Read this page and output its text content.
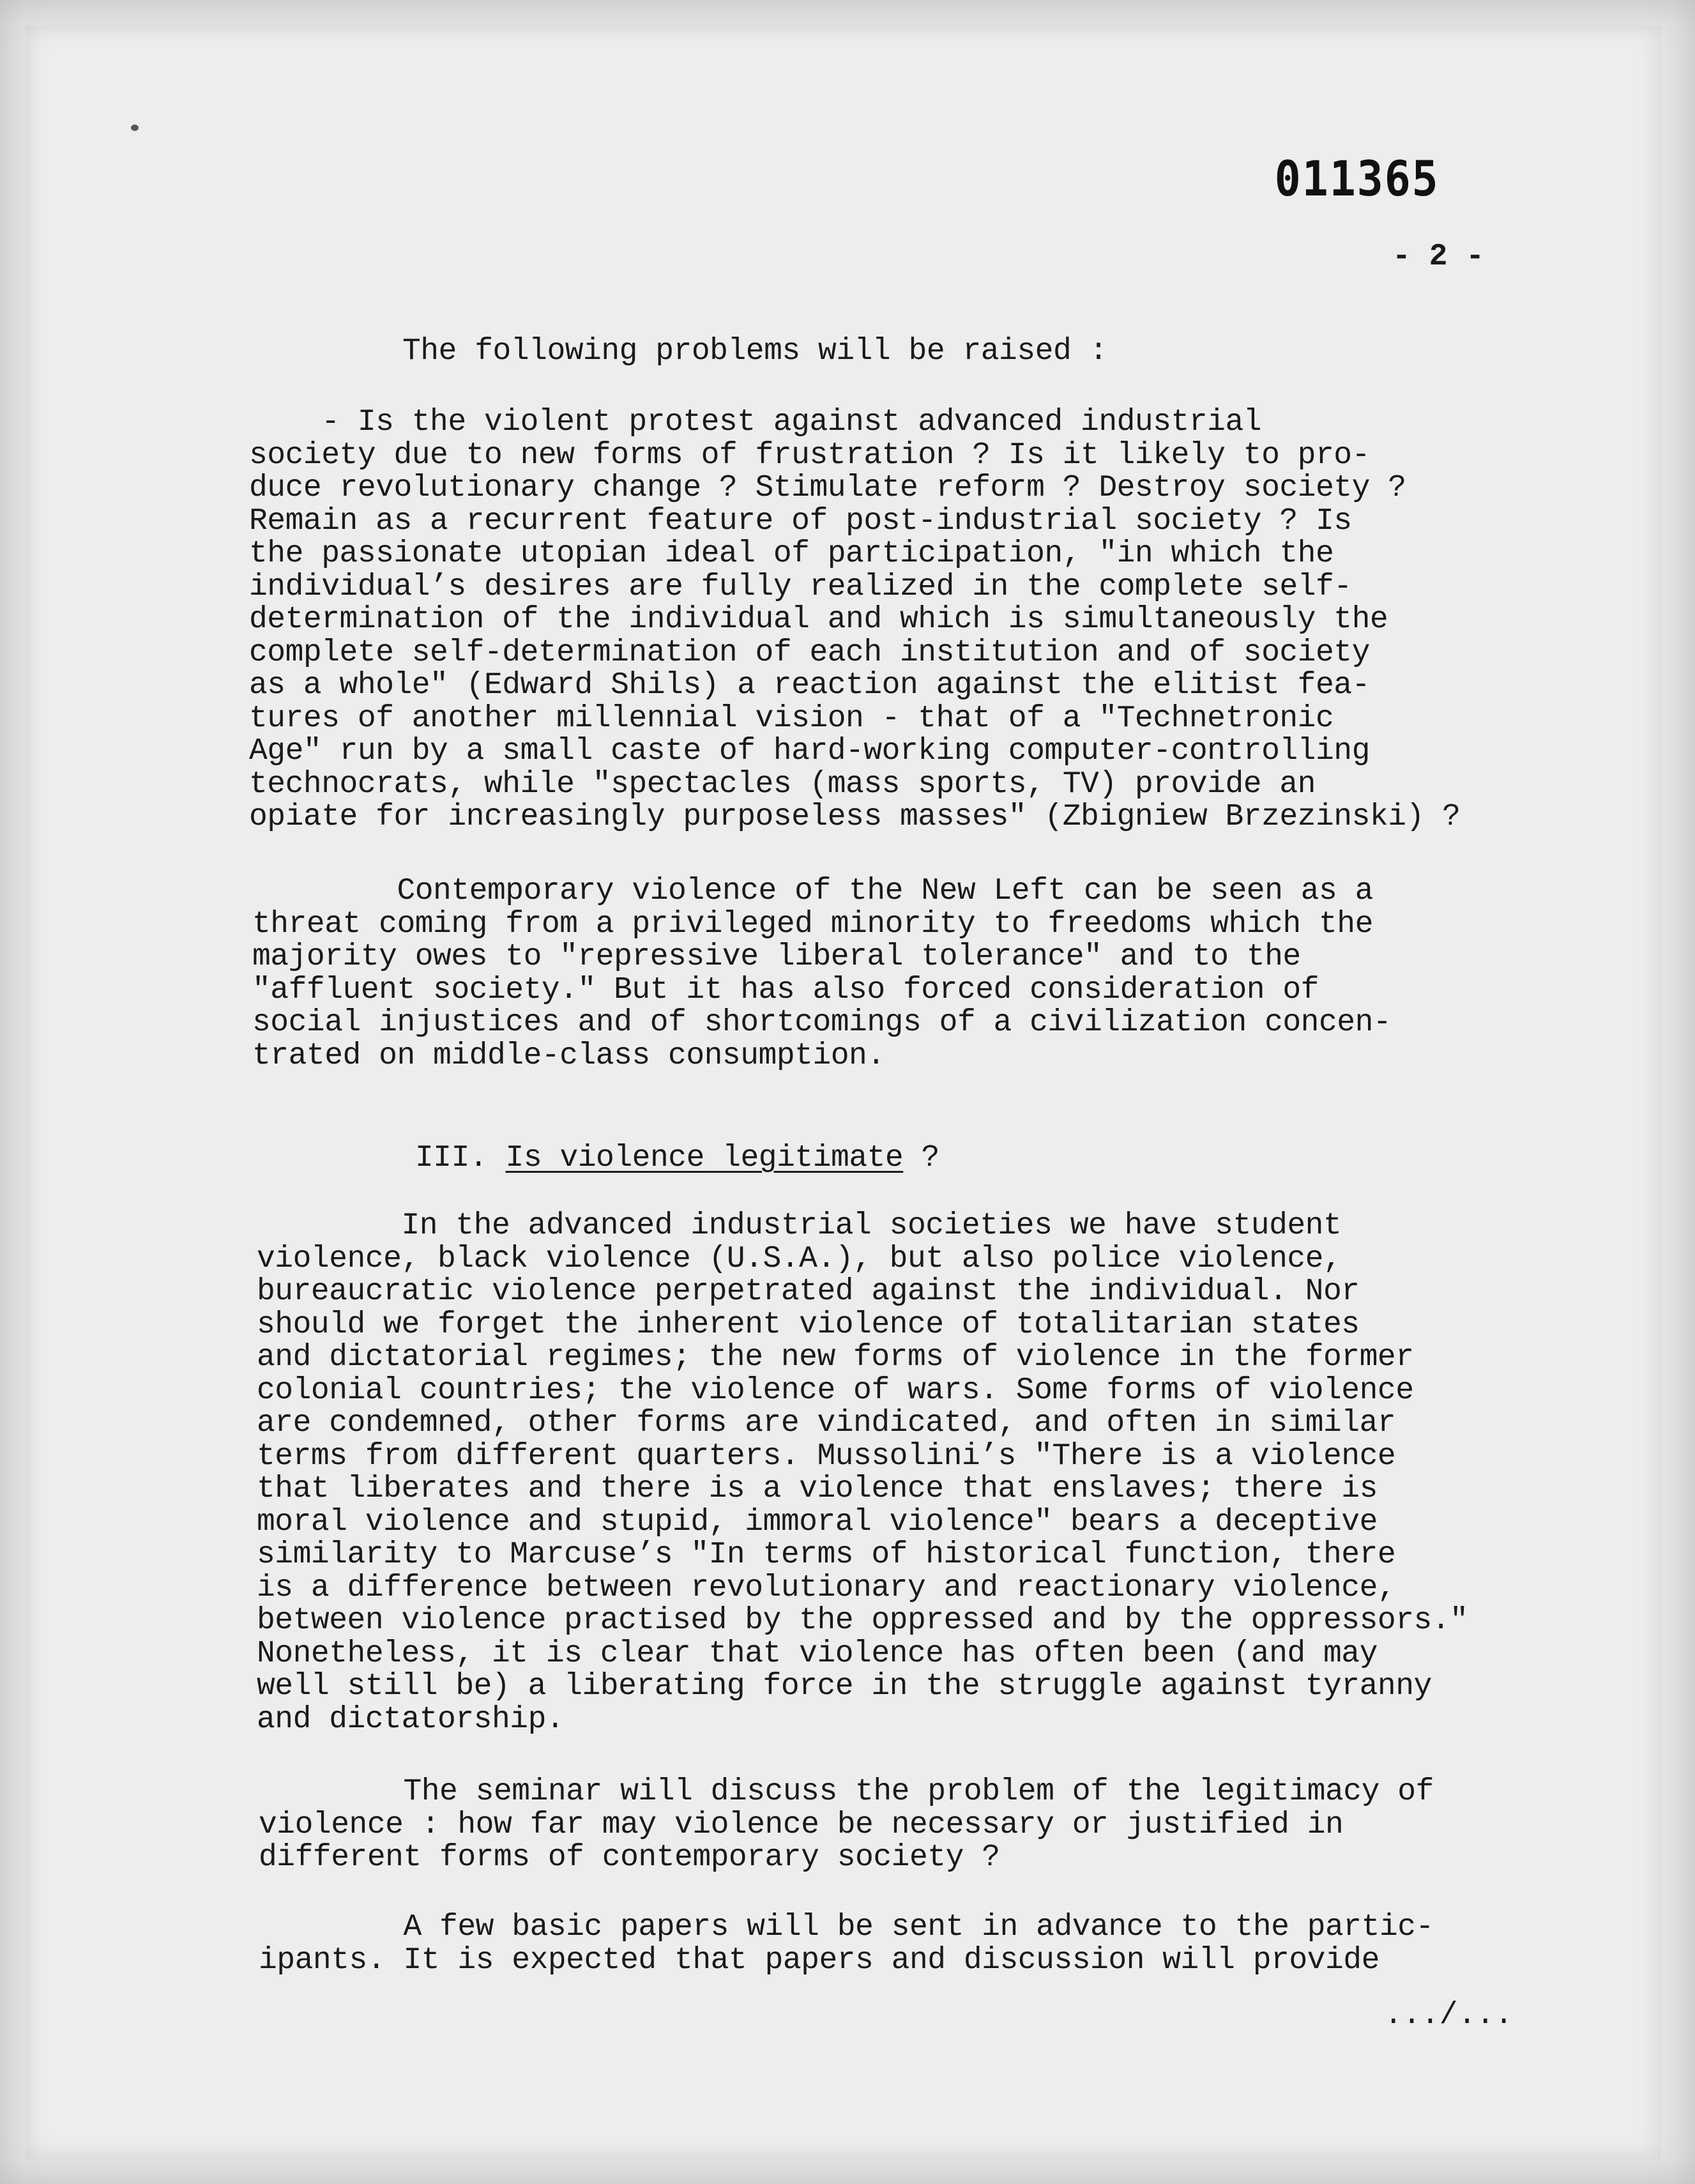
011365
- 2 -
The following problems will be raised :
- Is the violent protest against advanced industrial
society due to new forms of frustration ? Is it likely to pro-
duce revolutionary change ? Stimulate reform ? Destroy society ?
Remain as a recurrent feature of post-industrial society ? Is
the passionate utopian ideal of participation, "in which the
individual’s desires are fully realized in the complete self-
determination of the individual and which is simultaneously the
complete self-determination of each institution and of society
as a whole" (Edward Shils) a reaction against the elitist fea-
tures of another millennial vision - that of a "Technetronic
Age" run by a small caste of hard-working computer-controlling
technocrats, while "spectacles (mass sports, TV) provide an
opiate for increasingly purposeless masses" (Zbigniew Brzezinski) ?
Contemporary violence of the New Left can be seen as a
threat coming from a privileged minority to freedoms which the
majority owes to "repressive liberal tolerance" and to the
"affluent society." But it has also forced consideration of
social injustices and of shortcomings of a civilization concen-
trated on middle-class consumption.
III. Is violence legitimate ?
In the advanced industrial societies we have student
violence, black violence (U.S.A.), but also police violence,
bureaucratic violence perpetrated against the individual. Nor
should we forget the inherent violence of totalitarian states
and dictatorial regimes; the new forms of violence in the former
colonial countries; the violence of wars. Some forms of violence
are condemned, other forms are vindicated, and often in similar
terms from different quarters. Mussolini’s "There is a violence
that liberates and there is a violence that enslaves; there is
moral violence and stupid, immoral violence" bears a deceptive
similarity to Marcuse’s "In terms of historical function, there
is a difference between revolutionary and reactionary violence,
between violence practised by the oppressed and by the oppressors."
Nonetheless, it is clear that violence has often been (and may
well still be) a liberating force in the struggle against tyranny
and dictatorship.
The seminar will discuss the problem of the legitimacy of
violence : how far may violence be necessary or justified in
different forms of contemporary society ?
A few basic papers will be sent in advance to the partic-
ipants. It is expected that papers and discussion will provide
.../...
